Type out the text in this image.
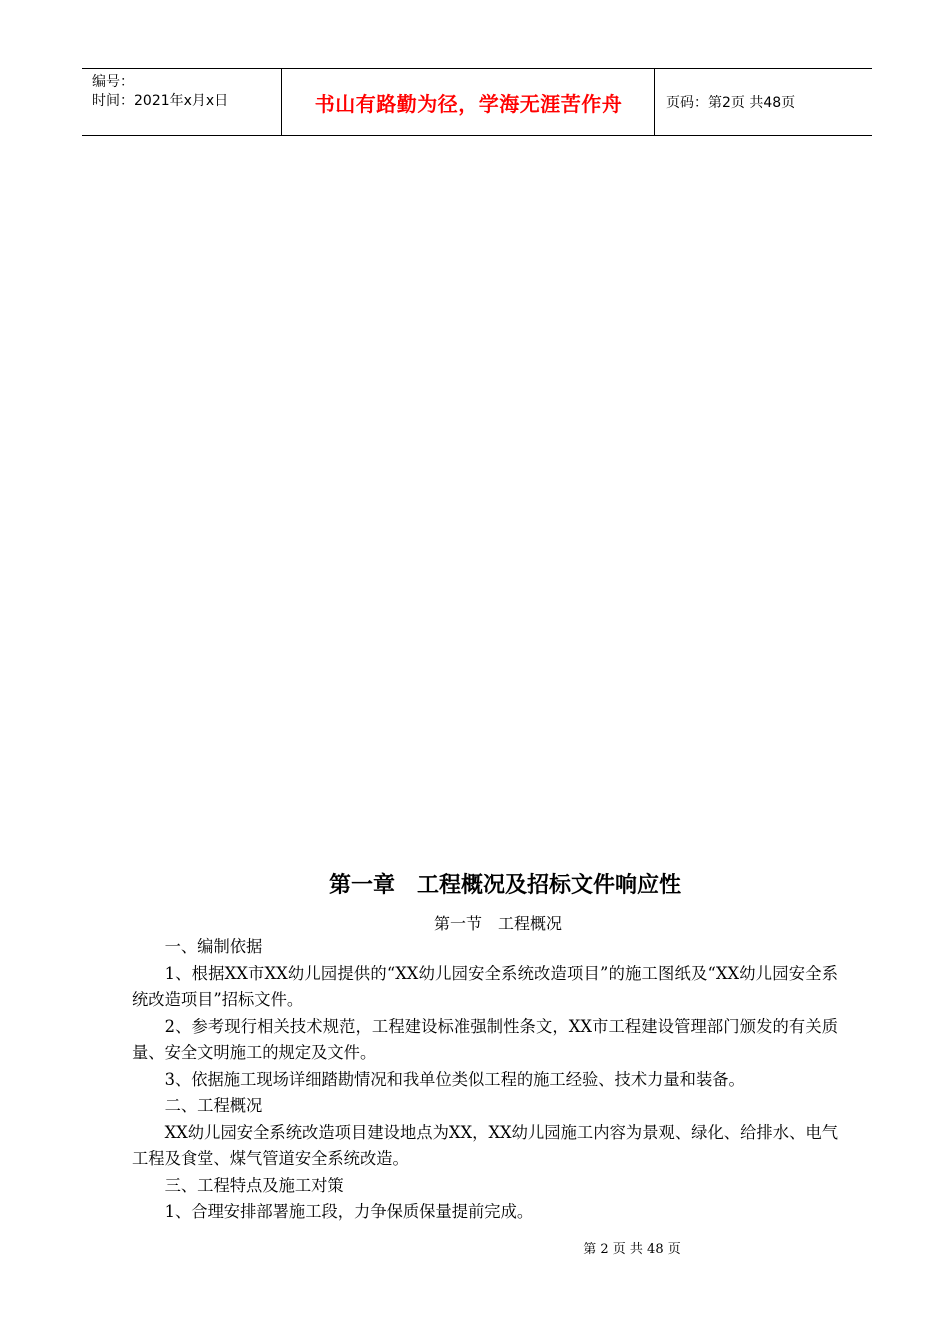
编号：
时间：2021年x月x日	书山有路勤为径，学海无涯苦作舟	页码：第2页 共48页
第一章　工程概况及招标文件响应性
第一节　工程概况

一、编制依据

1、根据XX市XX幼儿园提供的“XX幼儿园安全系统改造项目”的施工图纸及“XX幼儿园安全系统改造项目”招标文件。

2、参考现行相关技术规范，工程建设标准强制性条文，XX市工程建设管理部门颁发的有关质量、安全文明施工的规定及文件。

3、依据施工现场详细踏勘情况和我单位类似工程的施工经验、技术力量和装备。

二、工程概况

XX幼儿园安全系统改造项目建设地点为XX，XX幼儿园施工内容为景观、绿化、给排水、电气工程及食堂、煤气管道安全系统改造。

三、工程特点及施工对策

1、合理安排部署施工段，力争保质保量提前完成。

第 2 页 共 48 页
